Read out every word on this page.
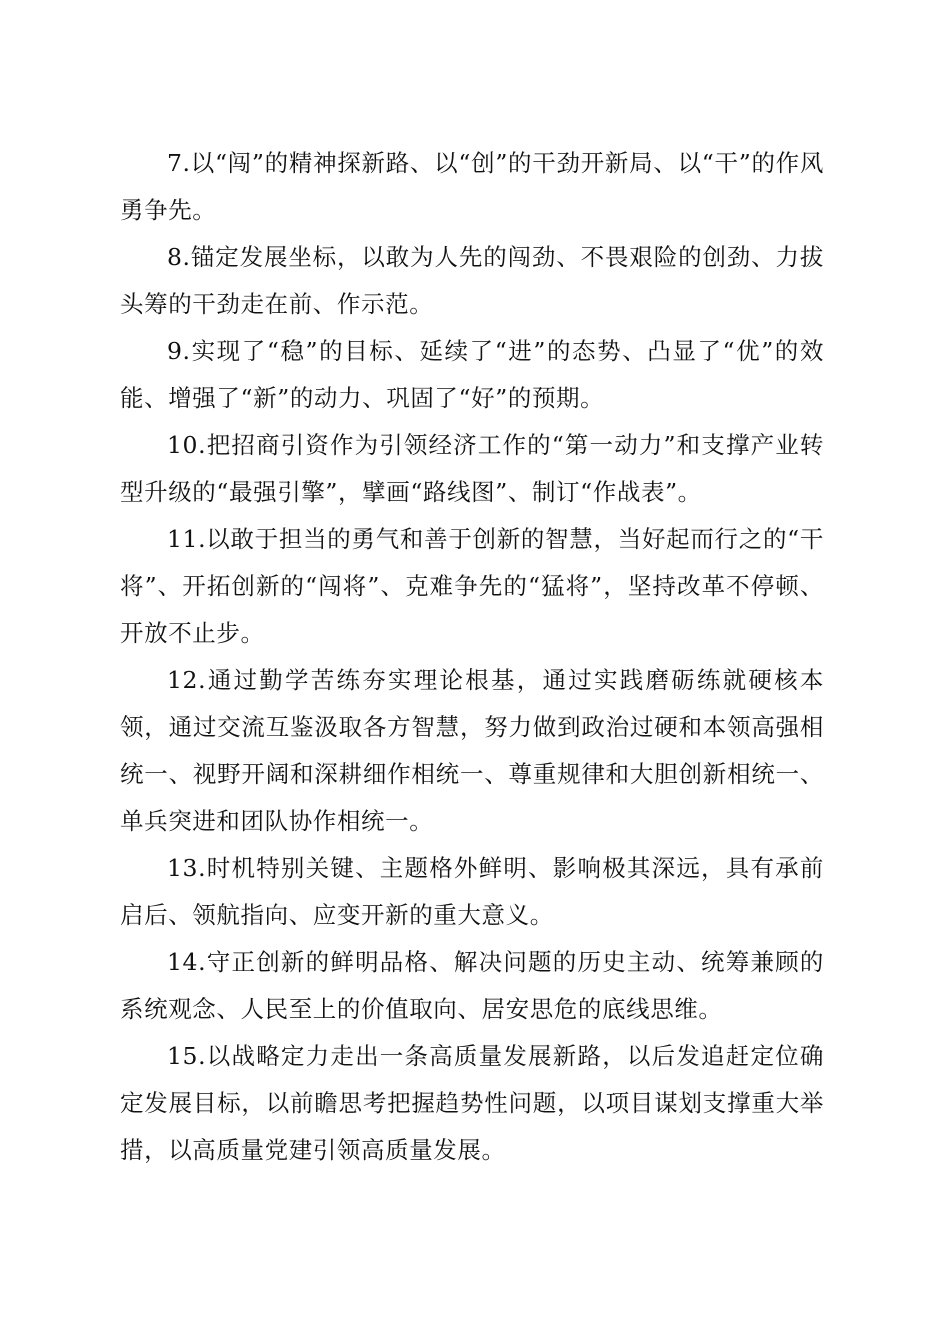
7.以“闯”的精神探新路、以“创”的干劲开新局、以“干”的作风勇争先。

8.锚定发展坐标，以敢为人先的闯劲、不畏艰险的创劲、力拔头筹的干劲走在前、作示范。

9.实现了“稳”的目标、延续了“进”的态势、凸显了“优”的效能、增强了“新”的动力、巩固了“好”的预期。

10.把招商引资作为引领经济工作的“第一动力”和支撑产业转型升级的“最强引擎”，擘画“路线图”、制订“作战表”。

11.以敢于担当的勇气和善于创新的智慧，当好起而行之的“干将”、开拓创新的“闯将”、克难争先的“猛将”，坚持改革不停顿、开放不止步。

12.通过勤学苦练夯实理论根基，通过实践磨砺练就硬核本领，通过交流互鉴汲取各方智慧，努力做到政治过硬和本领高强相统一、视野开阔和深耕细作相统一、尊重规律和大胆创新相统一、单兵突进和团队协作相统一。

13.时机特别关键、主题格外鲜明、影响极其深远，具有承前启后、领航指向、应变开新的重大意义。

14.守正创新的鲜明品格、解决问题的历史主动、统筹兼顾的系统观念、人民至上的价值取向、居安思危的底线思维。

15.以战略定力走出一条高质量发展新路，以后发追赶定位确定发展目标，以前瞻思考把握趋势性问题，以项目谋划支撑重大举措，以高质量党建引领高质量发展。
